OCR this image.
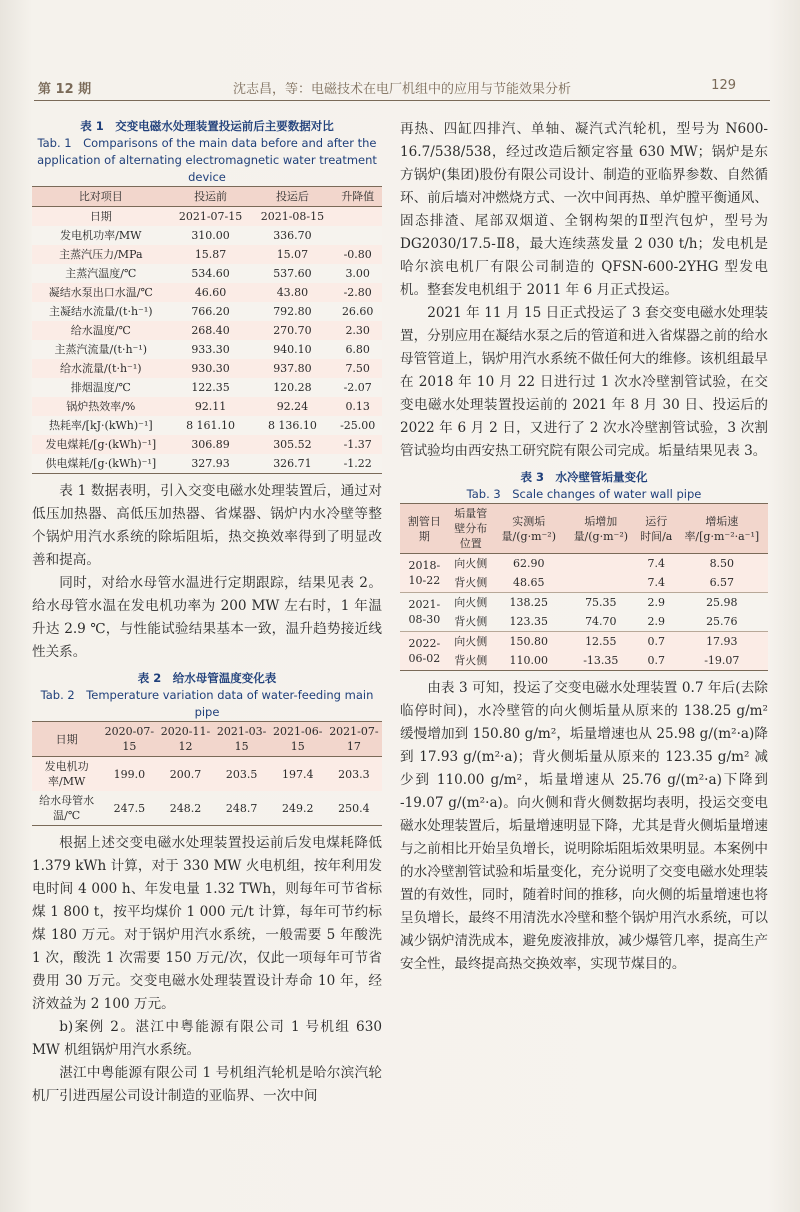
第 12 期	沈志昌，等：电磁技术在电厂机组中的应用与节能效果分析	129
表 1　交变电磁水处理装置投运前后主要数据对比
Tab. 1　Comparisons of the main data before and after the application of alternating electromagnetic water treatment device
比对项目	投运前	投运后	升降值
日期	2021-07-15	2021-08-15	
发电机功率/MW	310.00	336.70	
主蒸汽压力/MPa	15.87	15.07	-0.80
主蒸汽温度/℃	534.60	537.60	3.00
凝结水泵出口水温/℃	46.60	43.80	-2.80
主凝结水流量/(t·h⁻¹)	766.20	792.80	26.60
给水温度/℃	268.40	270.70	2.30
主蒸汽流量/(t·h⁻¹)	933.30	940.10	6.80
给水流量/(t·h⁻¹)	930.30	937.80	7.50
排烟温度/℃	122.35	120.28	-2.07
锅炉热效率/%	92.11	92.24	0.13
热耗率/[kJ·(kWh)⁻¹]	8 161.10	8 136.10	-25.00
发电煤耗/[g·(kWh)⁻¹]	306.89	305.52	-1.37
供电煤耗/[g·(kWh)⁻¹]	327.93	326.71	-1.22

表 1 数据表明，引入交变电磁水处理装置后，通过对低压加热器、高低压加热器、省煤器、锅炉内水冷壁等整个锅炉用汽水系统的除垢阻垢，热交换效率得到了明显改善和提高。

同时，对给水母管水温进行定期跟踪，结果见表 2。给水母管水温在发电机功率为 200 MW 左右时，1 年温升达 2.9 ℃，与性能试验结果基本一致，温升趋势接近线性关系。

表 2　给水母管温度变化表
Tab. 2　Temperature variation data of water-feeding main pipe
日期	2020-07-15	2020-11-12	2021-03-15	2021-06-15	2021-07-17
发电机功率/MW	199.0	200.7	203.5	197.4	203.3
给水母管水温/℃	247.5	248.2	248.7	249.2	250.4

根据上述交变电磁水处理装置投运前后发电煤耗降低 1.379 kWh 计算，对于 330 MW 火电机组，按年利用发电时间 4 000 h、年发电量 1.32 TWh，则每年可节省标煤 1 800 t，按平均煤价 1 000 元/t 计算，每年可节约标煤 180 万元。对于锅炉用汽水系统，一般需要 5 年酸洗 1 次，酸洗 1 次需要 150 万元/次，仅此一项每年可节省费用 30 万元。交变电磁水处理装置设计寿命 10 年，经济效益为 2 100 万元。

b)案例 2。湛江中粤能源有限公司 1 号机组 630 MW 机组锅炉用汽水系统。

湛江中粤能源有限公司 1 号机组汽轮机是哈尔滨汽轮机厂引进西屋公司设计制造的亚临界、一次中间

再热、四缸四排汽、单轴、凝汽式汽轮机，型号为 N600-16.7/538/538，经过改造后额定容量 630 MW；锅炉是东方锅炉(集团)股份有限公司设计、制造的亚临界参数、自然循环、前后墙对冲燃烧方式、一次中间再热、单炉膛平衡通风、固态排渣、尾部双烟道、全钢构架的Ⅱ型汽包炉，型号为 DG2030/17.5-Ⅱ8，最大连续蒸发量 2 030 t/h；发电机是哈尔滨电机厂有限公司制造的 QFSN-600-2YHG 型发电机。整套发电机组于 2011 年 6 月正式投运。

2021 年 11 月 15 日正式投运了 3 套交变电磁水处理装置，分别应用在凝结水泵之后的管道和进入省煤器之前的给水母管管道上，锅炉用汽水系统不做任何大的维修。该机组最早在 2018 年 10 月 22 日进行过 1 次水冷壁割管试验，在交变电磁水处理装置投运前的 2021 年 8 月 30 日、投运后的 2022 年 6 月 2 日，又进行了 2 次水冷壁割管试验，3 次割管试验均由西安热工研究院有限公司完成。垢量结果见表 3。

表 3　水冷壁管垢量变化
Tab. 3　Scale changes of water wall pipe
割管日期	垢量管壁分布位置	实测垢量/(g·m⁻²)	垢增加量/(g·m⁻²)	运行时间/a	增垢速率/[g·m⁻²·a⁻¹]
2018-10-22	向火侧	62.90		7.4	8.50
	背火侧	48.65		7.4	6.57
2021-08-30	向火侧	138.25	75.35	2.9	25.98
	背火侧	123.35	74.70	2.9	25.76
2022-06-02	向火侧	150.80	12.55	0.7	17.93
	背火侧	110.00	-13.35	0.7	-19.07

由表 3 可知，投运了交变电磁水处理装置 0.7 年后(去除临停时间)，水冷壁管的向火侧垢量从原来的 138.25 g/m² 缓慢增加到 150.80 g/m²，垢量增速也从 25.98 g/(m²·a)降到 17.93 g/(m²·a)；背火侧垢量从原来的 123.35 g/m² 减少到 110.00 g/m²，垢量增速从 25.76 g/(m²·a)下降到 -19.07 g/(m²·a)。向火侧和背火侧数据均表明，投运交变电磁水处理装置后，垢量增速明显下降，尤其是背火侧垢量增速与之前相比开始呈负增长，说明除垢阻垢效果明显。本案例中的水冷壁割管试验和垢量变化，充分说明了交变电磁水处理装置的有效性，同时，随着时间的推移，向火侧的垢量增速也将呈负增长，最终不用清洗水冷壁和整个锅炉用汽水系统，可以减少锅炉清洗成本，避免废液排放，减少爆管几率，提高生产安全性，最终提高热交换效率，实现节煤目的。
